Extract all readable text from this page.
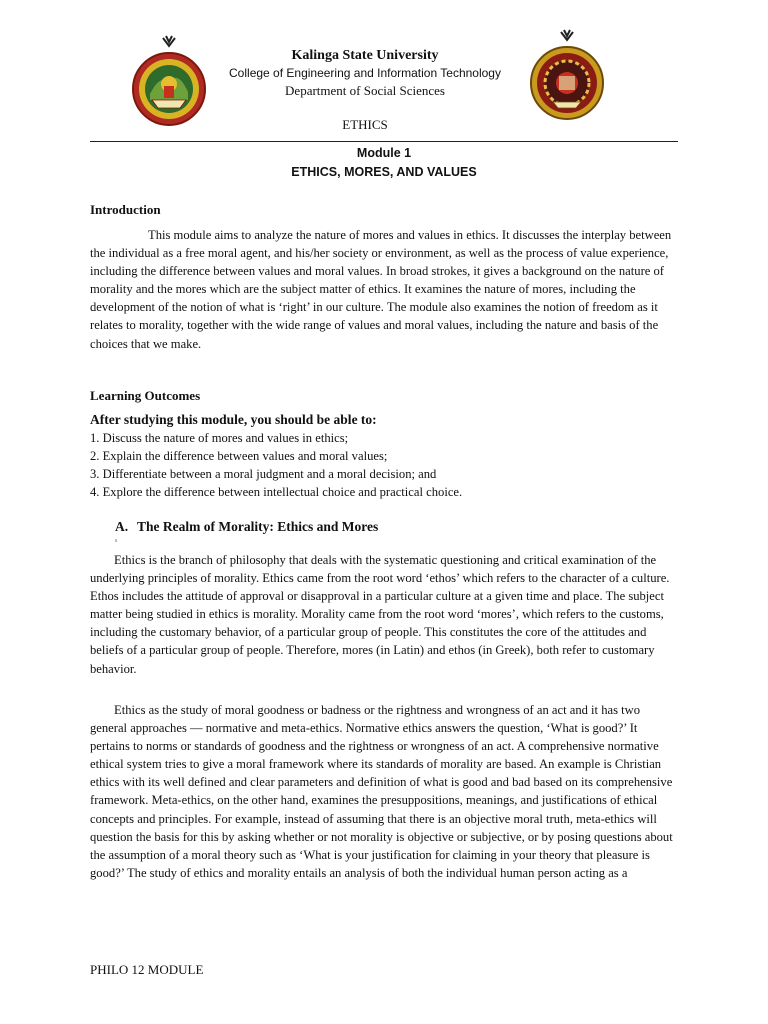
Kalinga State University
College of Engineering and Information Technology
Department of Social Sciences
ETHICS
Module 1
ETHICS, MORES, AND VALUES
Introduction
This module aims to analyze the nature of mores and values in ethics. It discusses the interplay between the individual as a free moral agent, and his/her society or environment, as well as the process of value experience, including the difference between values and moral values. In broad strokes, it gives a background on the nature of morality and the mores which are the subject matter of ethics. It examines the nature of mores, including the development of the notion of what is ‘right’ in our culture. The module also examines the notion of freedom as it relates to morality, together with the wide range of values and moral values, including the nature and basis of the choices that we make.
Learning Outcomes
After studying this module, you should be able to:
1. Discuss the nature of mores and values in ethics;
2. Explain the difference between values and moral values;
3. Differentiate between a moral judgment and a moral decision; and
4. Explore the difference between intellectual choice and practical choice.
A. The Realm of Morality: Ethics and Mores
s
Ethics is the branch of philosophy that deals with the systematic questioning and critical examination of the underlying principles of morality. Ethics came from the root word ‘ethos’ which refers to the character of a culture. Ethos includes the attitude of approval or disapproval in a particular culture at a given time and place. The subject matter being studied in ethics is morality. Morality came from the root word ‘mores’, which refers to the customs, including the customary behavior, of a particular group of people. This constitutes the core of the attitudes and beliefs of a particular group of people. Therefore, mores (in Latin) and ethos (in Greek), both refer to customary behavior.
Ethics as the study of moral goodness or badness or the rightness and wrongness of an act and it has two general approaches — normative and meta-ethics. Normative ethics answers the question, ‘What is good?’ It pertains to norms or standards of goodness and the rightness or wrongness of an act. A comprehensive normative ethical system tries to give a moral framework where its standards of morality are based. An example is Christian ethics with its well defined and clear parameters and definition of what is good and bad based on its comprehensive framework. Meta-ethics, on the other hand, examines the presuppositions, meanings, and justifications of ethical concepts and principles. For example, instead of assuming that there is an objective moral truth, meta-ethics will question the basis for this by asking whether or not morality is objective or subjective, or by posing questions about the assumption of a moral theory such as ‘What is your justification for claiming in your theory that pleasure is good?’ The study of ethics and morality entails an analysis of both the individual human person acting as a
PHILO 12 MODULE
